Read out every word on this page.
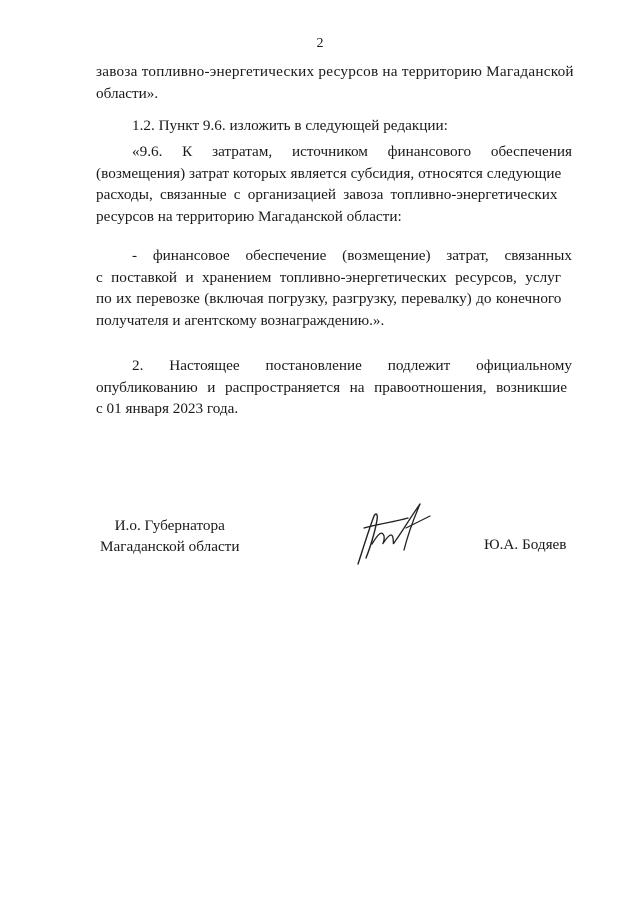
2
завоза топливно-энергетических ресурсов на территорию Магаданской
области».
1.2. Пункт 9.6. изложить в следующей редакции:
«9.6. К затратам, источником финансового обеспечения
(возмещения) затрат которых является субсидия, относятся следующие
расходы, связанные с организацией завоза топливно-энергетических
ресурсов на территорию Магаданской области:
- финансовое обеспечение (возмещение) затрат, связанных
с поставкой и хранением топливно-энергетических ресурсов, услуг
по их перевозке (включая погрузку, разгрузку, перевалку) до конечного
получателя и агентскому вознаграждению.».
2. Настоящее постановление подлежит официальному
опубликованию и распространяется на правоотношения, возникшие
с 01 января 2023 года.
И.о. Губернатора
Магаданской области	Ю.А. Бодяев
